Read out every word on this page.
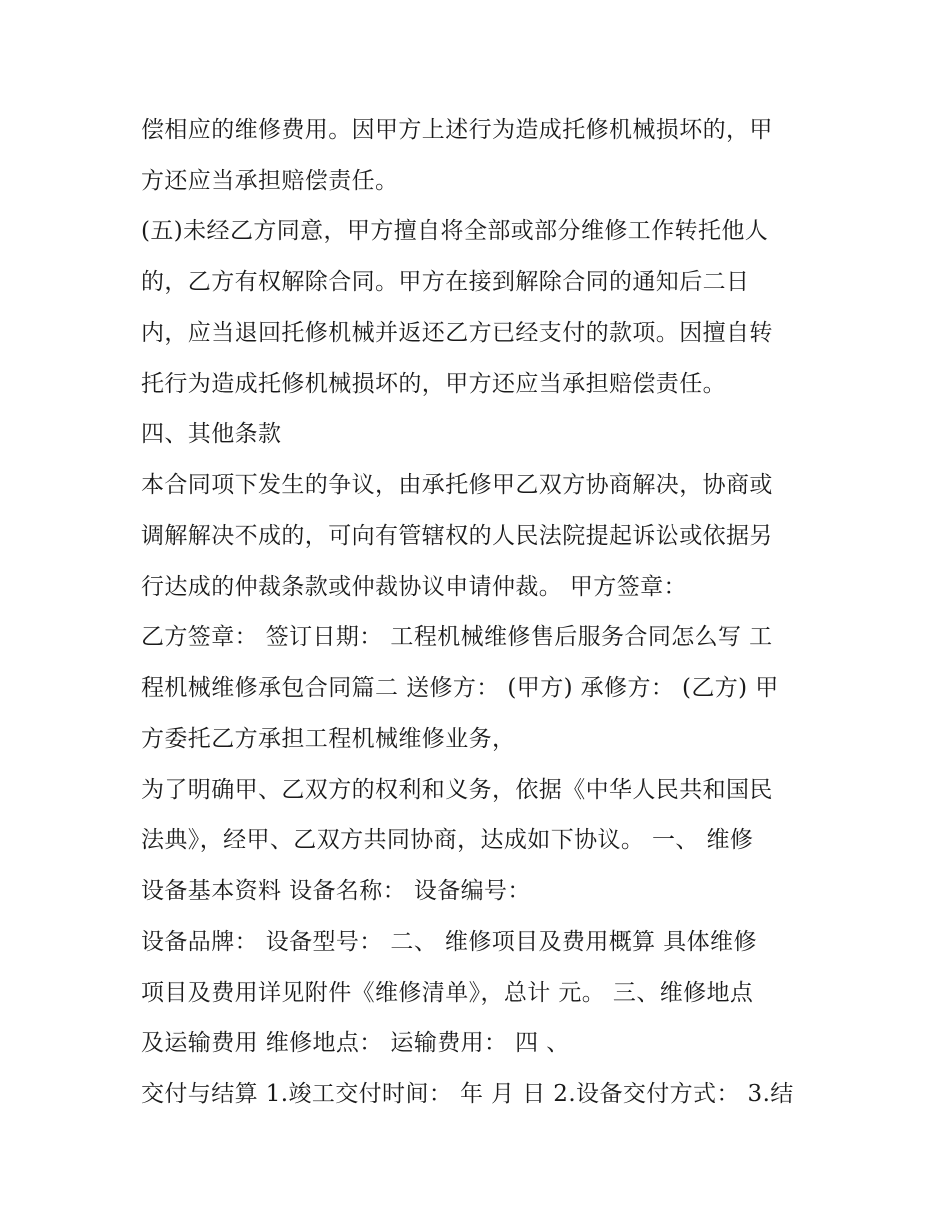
偿相应的维修费用。因甲方上述行为造成托修机械损坏的，甲
方还应当承担赔偿责任。
(五)未经乙方同意，甲方擅自将全部或部分维修工作转托他人
的，乙方有权解除合同。甲方在接到解除合同的通知后二日
内，应当退回托修机械并返还乙方已经支付的款项。因擅自转
托行为造成托修机械损坏的，甲方还应当承担赔偿责任。
四、其他条款
本合同项下发生的争议，由承托修甲乙双方协商解决，协商或
调解解决不成的，可向有管辖权的人民法院提起诉讼或依据另
行达成的仲裁条款或仲裁协议申请仲裁。 甲方签章：
乙方签章： 签订日期： 工程机械维修售后服务合同怎么写 工
程机械维修承包合同篇二 送修方： (甲方) 承修方： (乙方) 甲
方委托乙方承担工程机械维修业务，
为了明确甲、乙双方的权利和义务，依据《中华人民共和国民
法典》，经甲、乙双方共同协商，达成如下协议。 一、 维修
设备基本资料 设备名称： 设备编号：
设备品牌： 设备型号： 二、 维修项目及费用概算 具体维修
项目及费用详见附件《维修清单》，总计 元。 三、维修地点
及运输费用 维修地点： 运输费用： 四 、
交付与结算 1.竣工交付时间： 年 月 日 2.设备交付方式： 3.结
